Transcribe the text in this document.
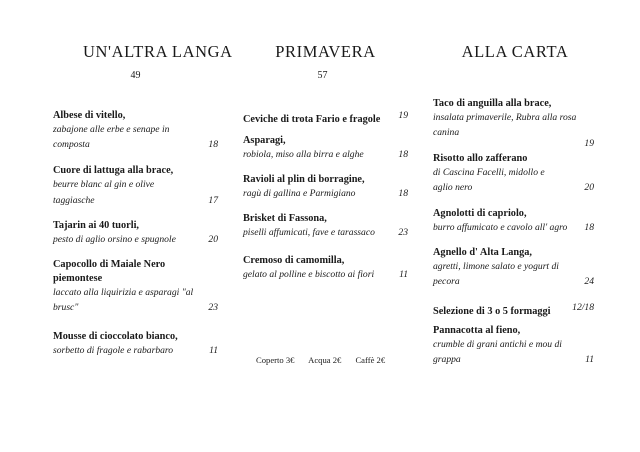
UN'ALTRA LANGA
49
Albese di vitello,
zabajone alle erbe e senape in
composta	18
Cuore di lattuga alla brace,
beurre blanc al gin e olive
taggiasche	17
Tajarin ai 40 tuorli,
pesto di aglio orsino e spugnole	20
Capocollo di Maiale Nero
piemontese
laccato alla liquirizia e asparagi "al
brusc"	23
Mousse di cioccolato bianco,
sorbetto di fragole e rabarbaro	11
PRIMAVERA
57
Ceviche di trota Fario e fragole 19
Asparagi,
robiola, miso alla birra e alghe	18
Ravioli al plin di borragine,
ragù di gallina e Parmigiano	18
Brisket di Fassona,
piselli affumicati, fave e tarassaco 23
Cremoso di camomilla,
gelato al polline e biscotto ai fiori	11
Coperto 3€ Acqua 2€ Caffè 2€
ALLA CARTA
Taco di anguilla alla brace,
insalata primaverile, Rubra alla rosa
canina
19
Risotto allo zafferano
di Cascina Facelli, midollo e
aglio nero	20
Agnolotti di capriolo,
burro affumicato e cavolo all' agro 18
Agnello d' Alta Langa,
agretti, limone salato e yogurt di
pecora	24
Selezione di 3 o 5 formaggi 12/18
Pannacotta al fieno,
crumble di grani antichi e mou di
grappa	11
